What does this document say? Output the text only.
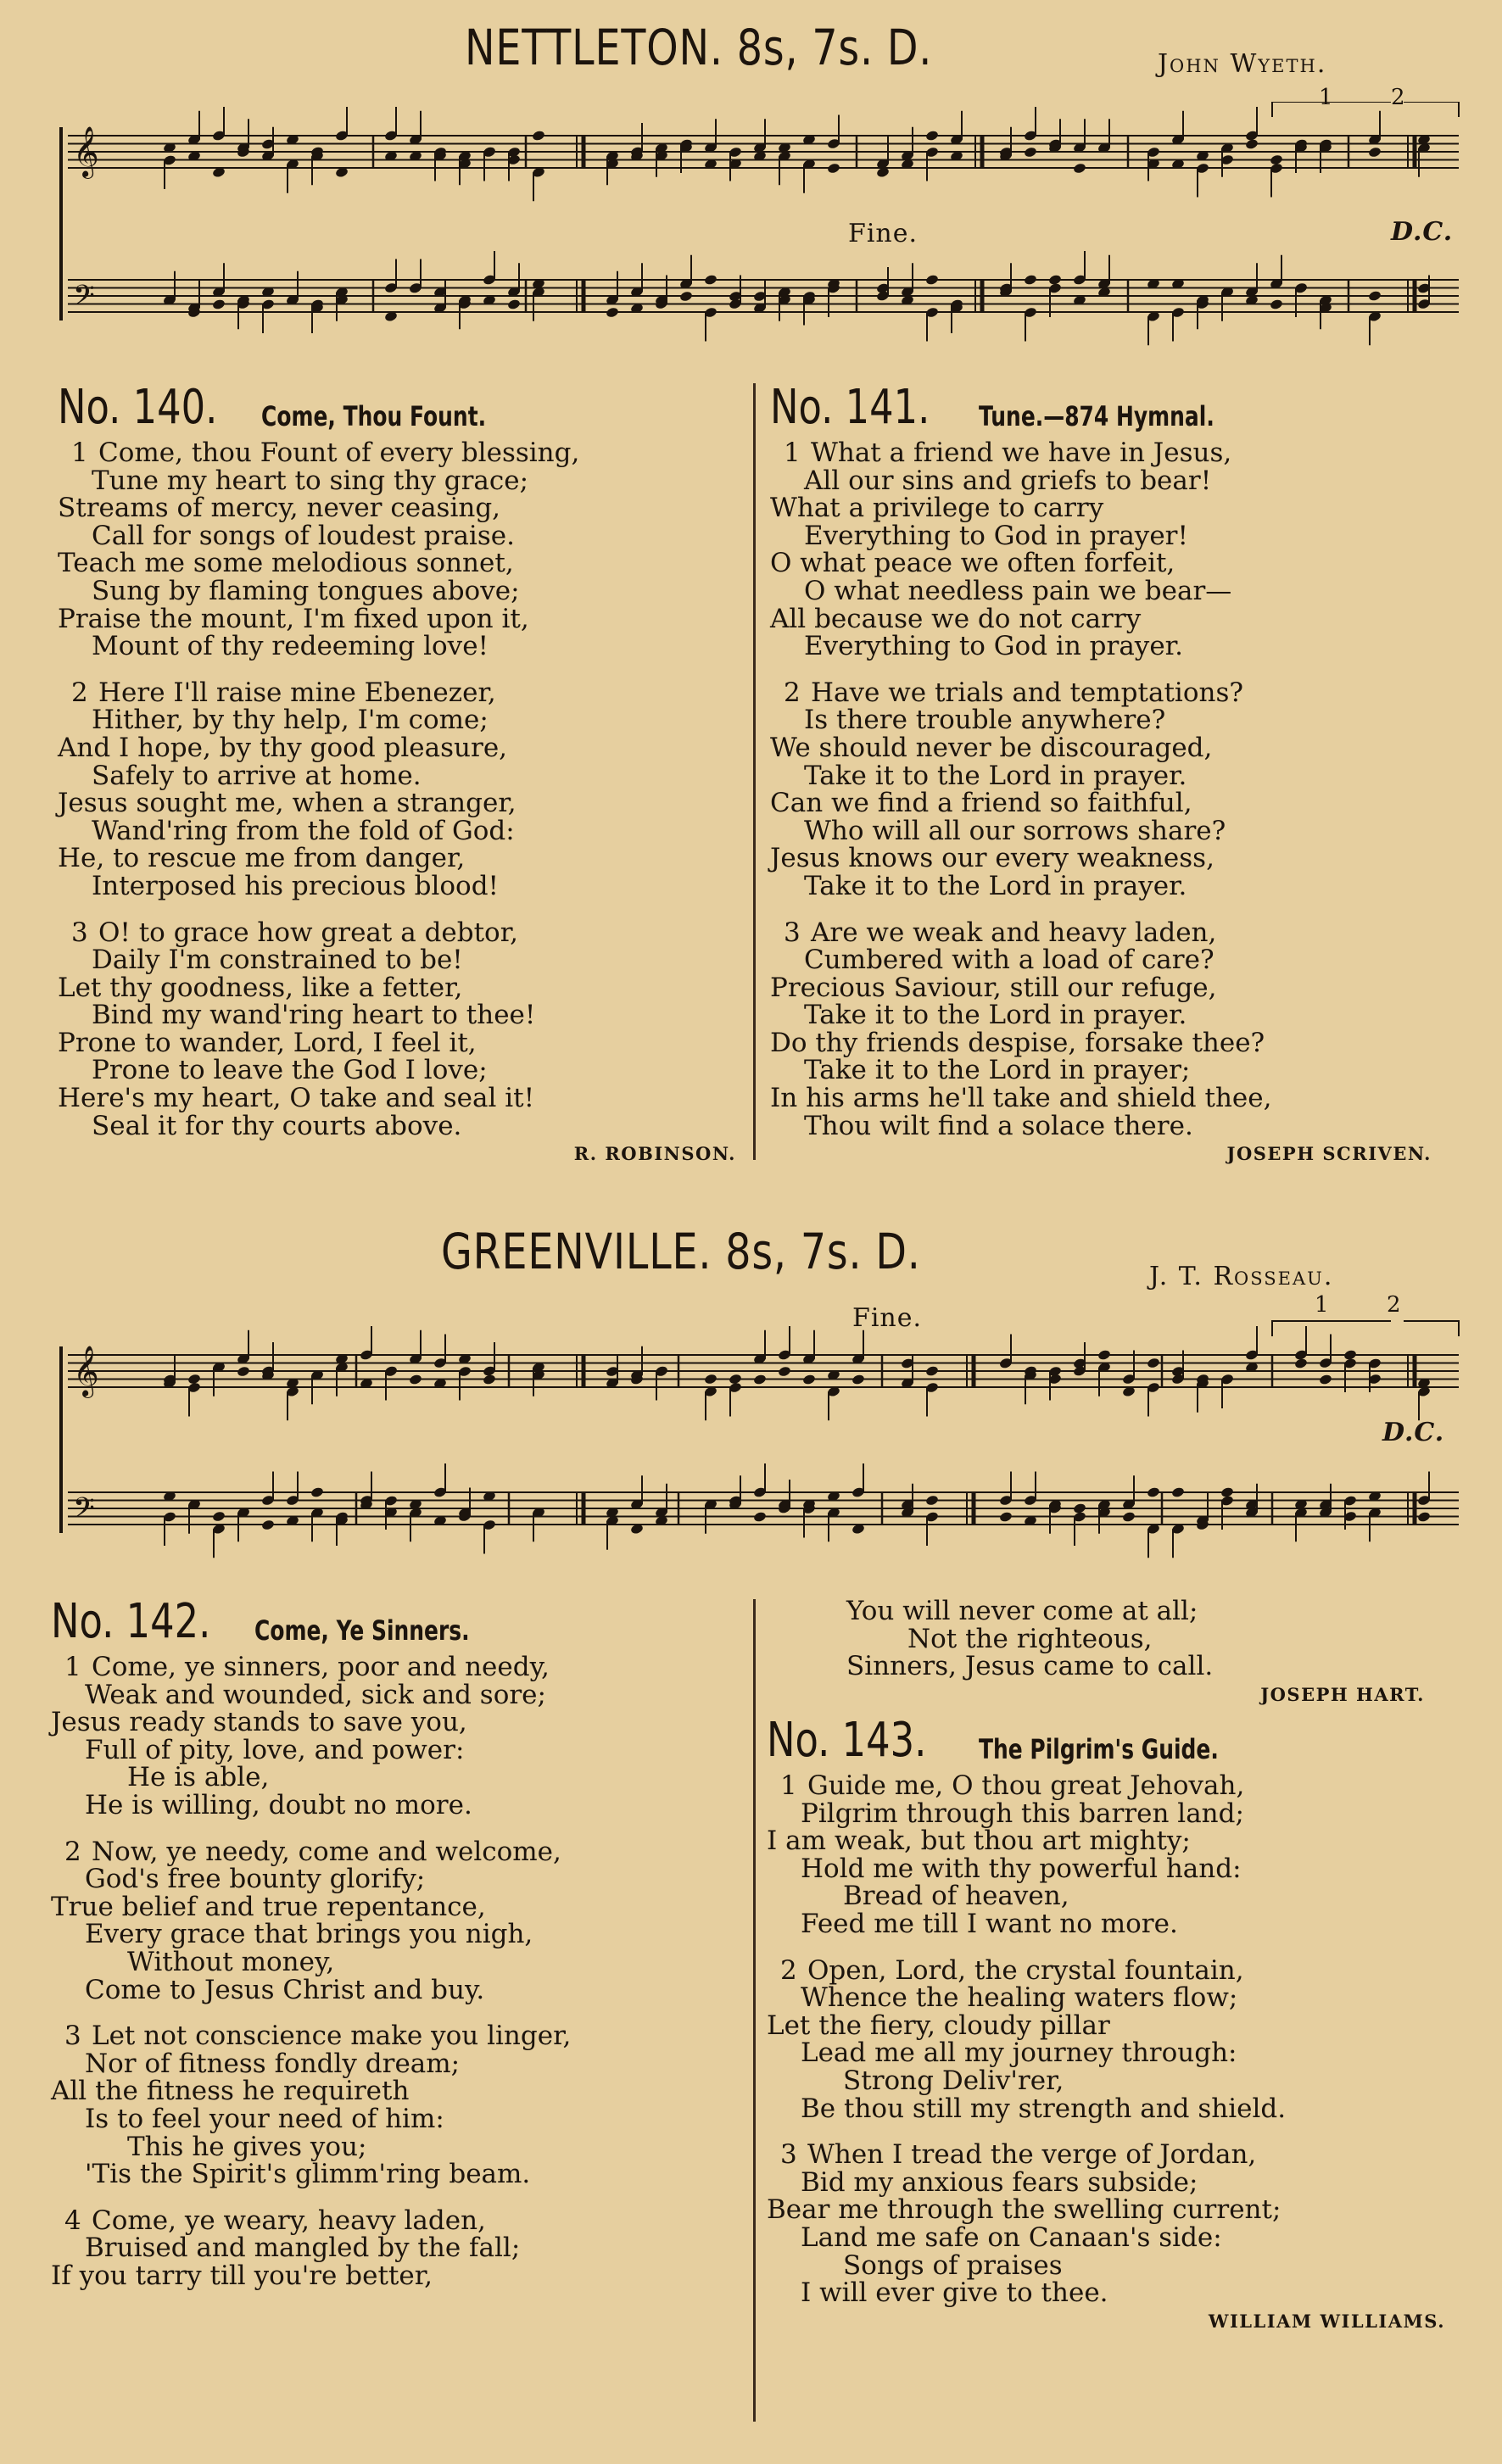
NETTLETON. 8s, 7s. D.	John Wyeth.
𝄞
𝄢
Fine.	D.C.
1	2
No. 140. Come, Thou Fount.
1 Come, thou Fount of every blessing,
Tune my heart to sing thy grace;
Streams of mercy, never ceasing,
Call for songs of loudest praise.
Teach me some melodious sonnet,
Sung by flaming tongues above;
Praise the mount, I'm fixed upon it,
Mount of thy redeeming love!
2 Here I'll raise mine Ebenezer,
Hither, by thy help, I'm come;
And I hope, by thy good pleasure,
Safely to arrive at home.
Jesus sought me, when a stranger,
Wand'ring from the fold of God:
He, to rescue me from danger,
Interposed his precious blood!
3 O! to grace how great a debtor,
Daily I'm constrained to be!
Let thy goodness, like a fetter,
Bind my wand'ring heart to thee!
Prone to wander, Lord, I feel it,
Prone to leave the God I love;
Here's my heart, O take and seal it!
Seal it for thy courts above.
R. ROBINSON.
No. 141. Tune.—874 Hymnal.
1 What a friend we have in Jesus,
All our sins and griefs to bear!
What a privilege to carry
Everything to God in prayer!
O what peace we often forfeit,
O what needless pain we bear—
All because we do not carry
Everything to God in prayer.
2 Have we trials and temptations?
Is there trouble anywhere?
We should never be discouraged,
Take it to the Lord in prayer.
Can we find a friend so faithful,
Who will all our sorrows share?
Jesus knows our every weakness,
Take it to the Lord in prayer.
3 Are we weak and heavy laden,
Cumbered with a load of care?
Precious Saviour, still our refuge,
Take it to the Lord in prayer.
Do thy friends despise, forsake thee?
Take it to the Lord in prayer;
In his arms he'll take and shield thee,
Thou wilt find a solace there.
JOSEPH SCRIVEN.
GREENVILLE. 8s, 7s. D.	J. T. Rosseau.
𝄞
𝄢
Fine.
D.C.
1	2
No. 142. Come, Ye Sinners.
1 Come, ye sinners, poor and needy,
Weak and wounded, sick and sore;
Jesus ready stands to save you,
Full of pity, love, and power:
He is able,
He is willing, doubt no more.
2 Now, ye needy, come and welcome,
God's free bounty glorify;
True belief and true repentance,
Every grace that brings you nigh,
Without money,
Come to Jesus Christ and buy.
3 Let not conscience make you linger,
Nor of fitness fondly dream;
All the fitness he requireth
Is to feel your need of him:
This he gives you;
'Tis the Spirit's glimm'ring beam.
4 Come, ye weary, heavy laden,
Bruised and mangled by the fall;
If you tarry till you're better,
You will never come at all;
Not the righteous,
Sinners, Jesus came to call.
JOSEPH HART.
No. 143. The Pilgrim's Guide.
1 Guide me, O thou great Jehovah,
Pilgrim through this barren land;
I am weak, but thou art mighty;
Hold me with thy powerful hand:
Bread of heaven,
Feed me till I want no more.
2 Open, Lord, the crystal fountain,
Whence the healing waters flow;
Let the fiery, cloudy pillar
Lead me all my journey through:
Strong Deliv'rer,
Be thou still my strength and shield.
3 When I tread the verge of Jordan,
Bid my anxious fears subside;
Bear me through the swelling current;
Land me safe on Canaan's side:
Songs of praises
I will ever give to thee.
WILLIAM WILLIAMS.
